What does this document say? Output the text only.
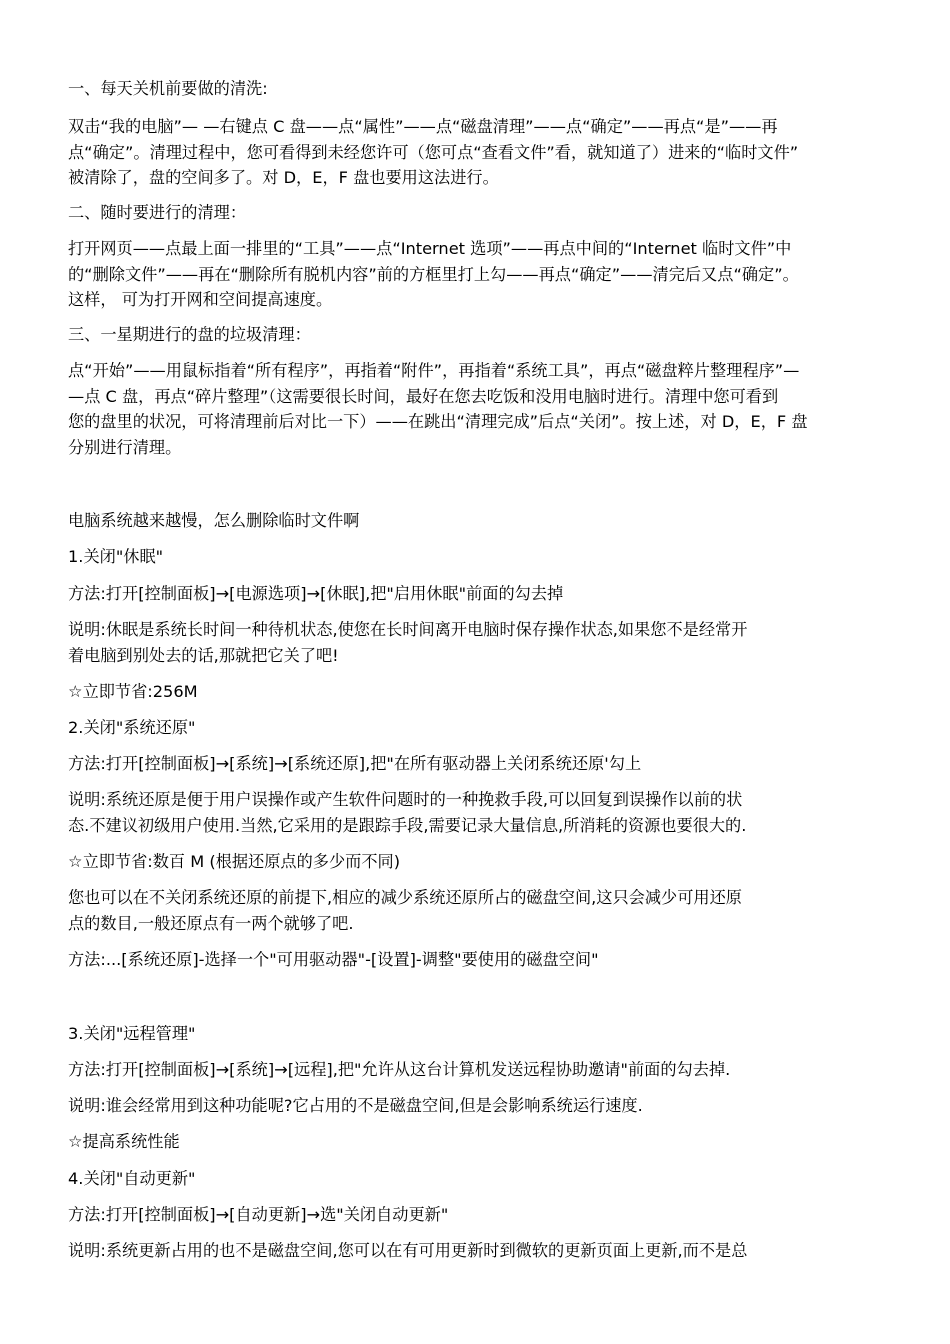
一、每天关机前要做的清洗:

双击“我的电脑”— —右键点 C 盘——点“属性”——点“磁盘清理”——点“确定”——再点“是”——再
点“确定”。清理过程中，您可看得到未经您许可（您可点“查看文件”看，就知道了）进来的“临时文件”
被清除了，盘的空间多了。对 D，E，F 盘也要用这法进行。

二、随时要进行的清理：

打开网页——点最上面一排里的“工具”——点“Internet 选项”——再点中间的“Internet 临时文件”中
的“删除文件”——再在“删除所有脱机内容”前的方框里打上勾——再点“确定”——清完后又点“确定”。
这样， 可为打开网和空间提高速度。

三、一星期进行的盘的垃圾清理：

点“开始”——用鼠标指着“所有程序”，再指着“附件”，再指着“系统工具”，再点“磁盘粹片整理程序”—
—点 C 盘，再点“碎片整理”（这需要很长时间，最好在您去吃饭和没用电脑时进行。清理中您可看到
您的盘里的状况，可将清理前后对比一下）——在跳出“清理完成”后点“关闭”。按上述，对 D，E，F 盘
分别进行清理。

电脑系统越来越慢，怎么删除临时文件啊

1.关闭"休眠"

方法:打开[控制面板]→[电源选项]→[休眠],把"启用休眠"前面的勾去掉

说明:休眠是系统长时间一种待机状态,使您在长时间离开电脑时保存操作状态,如果您不是经常开
着电脑到别处去的话,那就把它关了吧!

☆立即节省:256M

2.关闭"系统还原"

方法:打开[控制面板]→[系统]→[系统还原],把"在所有驱动器上关闭系统还原'勾上

说明:系统还原是便于用户误操作或产生软件问题时的一种挽救手段,可以回复到误操作以前的状
态.不建议初级用户使用.当然,它采用的是跟踪手段,需要记录大量信息,所消耗的资源也要很大的.

☆立即节省:数百 M (根据还原点的多少而不同)

您也可以在不关闭系统还原的前提下,相应的减少系统还原所占的磁盘空间,这只会减少可用还原
点的数目,一般还原点有一两个就够了吧.

方法:...[系统还原]-选择一个"可用驱动器"-[设置]-调整"要使用的磁盘空间"

3.关闭"远程管理"

方法:打开[控制面板]→[系统]→[远程],把"允许从这台计算机发送远程协助邀请"前面的勾去掉.

说明:谁会经常用到这种功能呢?它占用的不是磁盘空间,但是会影响系统运行速度.

☆提高系统性能

4.关闭"自动更新"

方法:打开[控制面板]→[自动更新]→选"关闭自动更新"

说明:系统更新占用的也不是磁盘空间,您可以在有可用更新时到微软的更新页面上更新,而不是总
